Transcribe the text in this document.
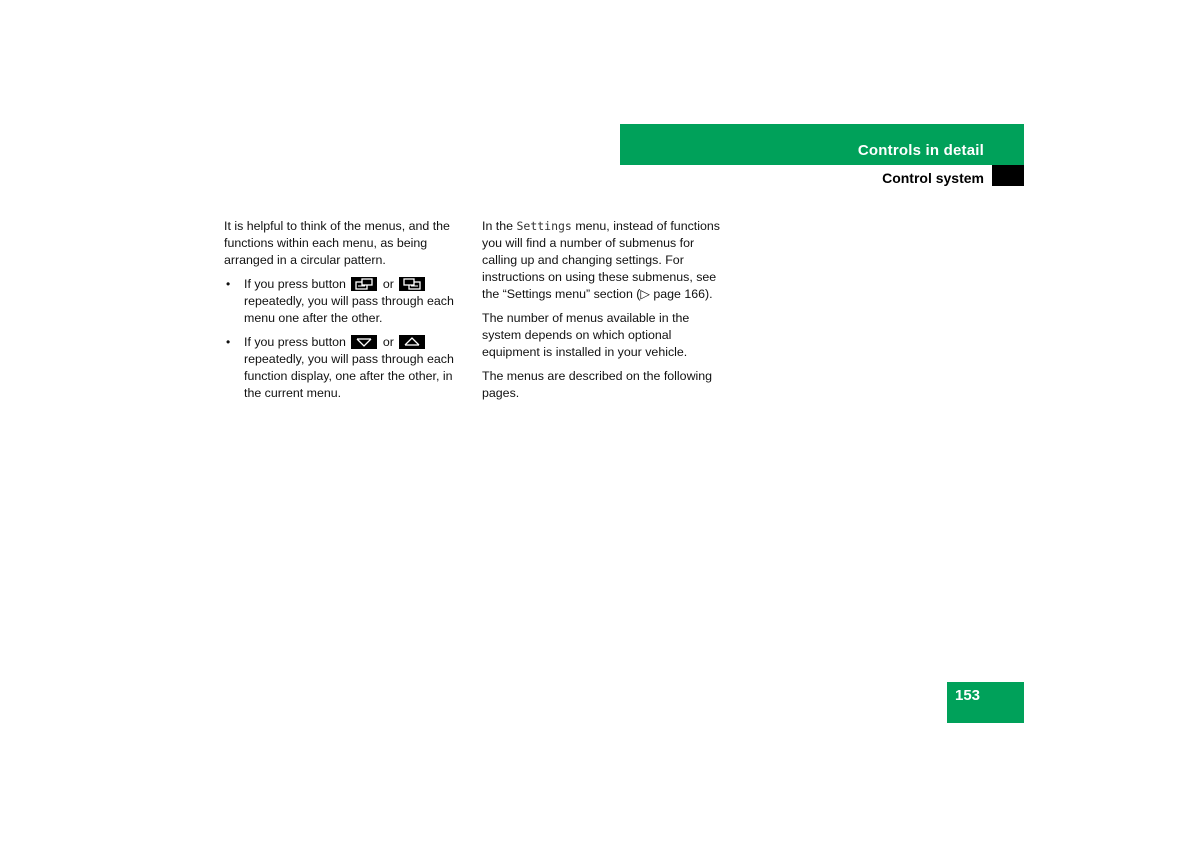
Controls in detail
Control system

It is helpful to think of the menus, and the functions within each menu, as being arranged in a circular pattern.

• If you press button	or
repeatedly, you will pass through each menu one after the other.
• If you press button	or
repeatedly, you will pass through each function display, one after the other, in the current menu.

In the Settings menu, instead of functions you will find a number of submenus for calling up and changing settings. For instructions on using these submenus, see the “Settings menu” section (▷ page 166).

The number of menus available in the system depends on which optional equipment is installed in your vehicle.

The menus are described on the following pages.

153
